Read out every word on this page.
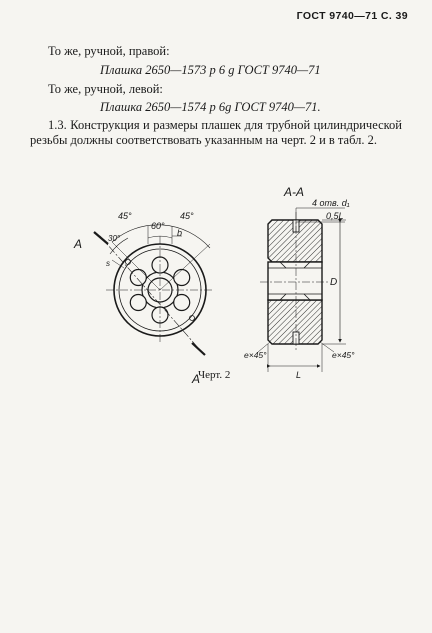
ГОСТ 9740—71 С. 39
То же, ручной, правой:
Плашка 2650—1573 р 6 g ГОСТ 9740—71
То же, ручной, левой:
Плашка 2650—1574 р 6g ГОСТ 9740—71.
1.3. Конструкция и размеры плашек для трубной цилиндрической резьбы должны соответствовать указанным на черт. 2 и в табл. 2.
45°	45°
60°
30°
b
А
А
s
А-А
4 отв. d₁
0,5L
D
L
e×45°	e×45°
Черт. 2
